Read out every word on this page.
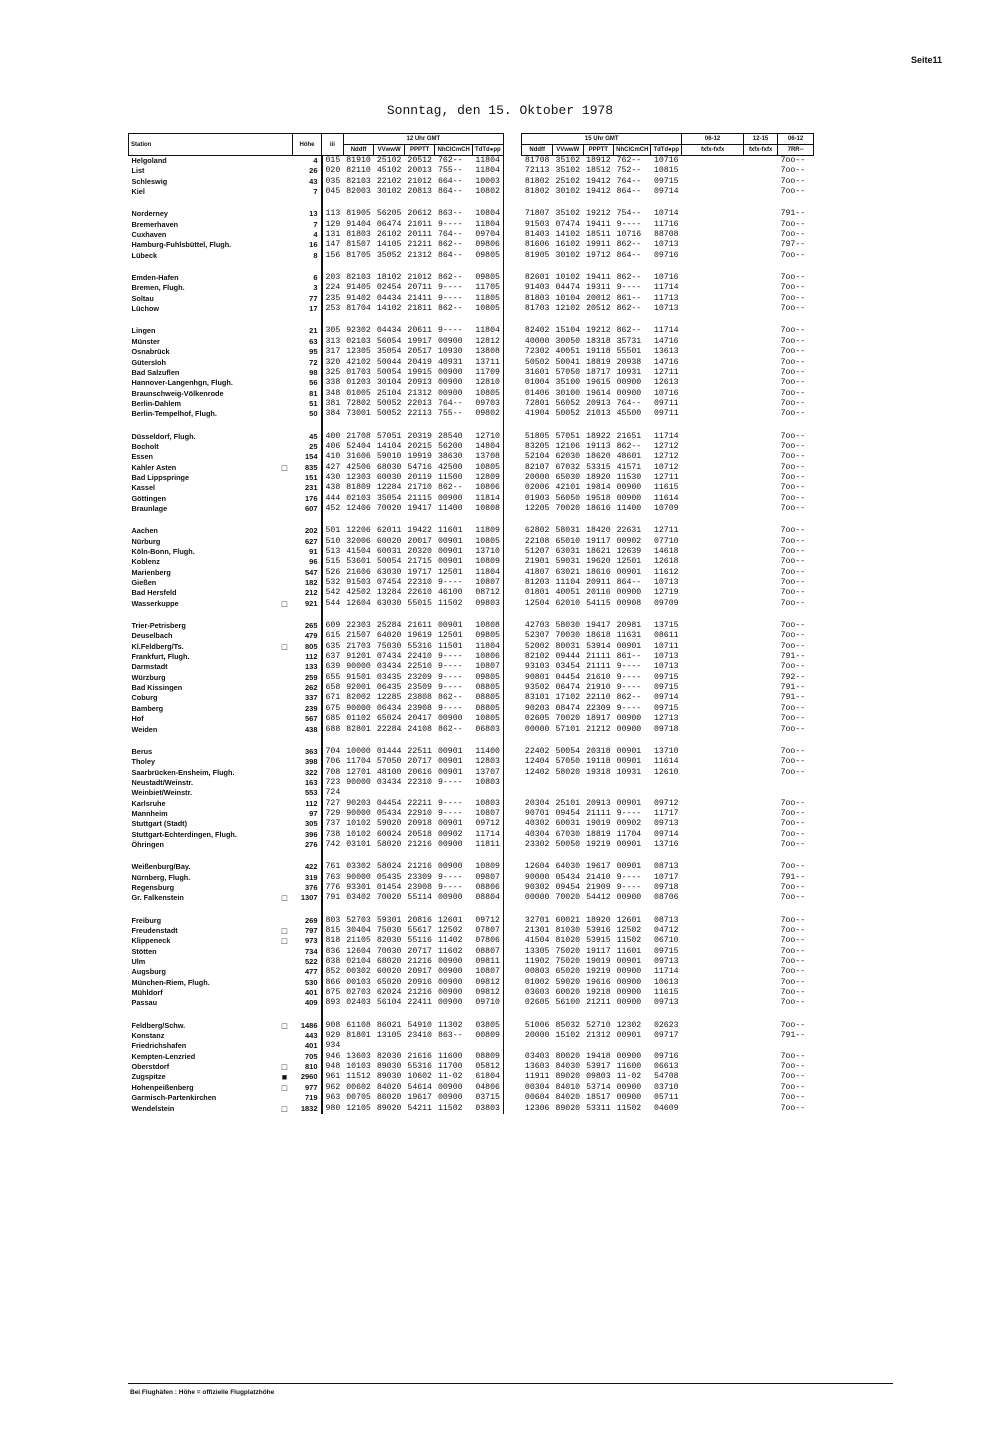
Seite11
Sonntag, den 15. Oktober 1978
Station		Höhe	iii	12 Uhr GMT						15 Uhr GMT					06-12	12-15	06-12
				Nddff	VVwwW	PPPTT	NhClCmCH	TdTd●pp		Nddff	VVwwW	PPPTT	NhClCmCH	TdTd●pp	fxfx-fxfx	fxfx-fxfx	7RR--
Helgoland		4	015	81910	25102	20512	762--	11804		81708	35102	18912	762--	10716			7oo--
List		26	020	82110	45102	20013	755--	11804		72113	35102	18512	752--	10815			7oo--
Schleswig		43	035	82103	22102	21012	664--	10003		81802	25102	19412	764--	09715			7oo--
Kiel		7	045	82003	30102	20813	864--	10802		81802	30102	19412	864--	09714			7oo--
Norderney		13	113	81905	56205	20612	863--	10804		71807	35102	19212	754--	10714			791--
Bremerhaven		7	129	91404	06474	21011	9----	11804		91503	07474	19411	9----	11716			7oo--
Cuxhaven		4	131	81803	26102	20111	764--	09704		81403	14102	18511	10716	88708			7oo--
Hamburg-Fuhlsbüttel, Flugh.		16	147	81507	14105	21211	862--	09806		81606	16102	19911	862--	10713			797--
Lübeck		8	156	81705	35052	21312	864--	09805		81905	30102	19712	864--	09716			7oo--
Emden-Hafen		6	203	82103	18102	21012	862--	09805		82601	10102	19411	862--	10716			7oo--
Bremen, Flugh.		3	224	91405	02454	20711	9----	11705		91403	04474	19311	9----	11714			7oo--
Soltau		77	235	91402	04434	21411	9----	11805		81803	10104	20012	861--	11713			7oo--
Lüchow		17	253	81704	14102	21811	862--	10805		81703	12102	20512	862--	10713			7oo--
Lingen		21	305	92302	04434	20611	9----	11804		82402	15104	19212	862--	11714			7oo--
Münster		63	313	02103	56054	19917	00900	12812		40000	30050	18318	35731	14716			7oo--
Osnabrück		95	317	12305	35054	20517	10930	13808		72302	40051	19118	55501	13613			7oo--
Gütersloh		72	320	42102	50044	20419	40931	13711		50502	50041	18819	20938	14716			7oo--
Bad Salzuflen		98	325	01703	50054	19915	00900	11709		31601	57050	18717	10931	12711			7oo--
Hannover-Langenhgn, Flugh.		56	338	01203	30104	20913	00900	12810		01004	35100	19615	00900	12613			7oo--
Braunschweig-Völkenrode		81	348	01005	25104	21312	00900	10805		01406	30100	19614	00900	10716			7oo--
Berlin-Dahlem		51	381	72802	50052	22013	764--	09703		72801	56052	20913	764--	09711			7oo--
Berlin-Tempelhof, Flugh.		50	384	73001	50052	22113	755--	09802		41904	50052	21013	45500	09711			7oo--
Düsseldorf, Flugh.		45	400	21708	57051	20319	28540	12710		51805	57051	18922	21651	11714			7oo--
Bocholt		25	406	52404	14104	20215	56200	14804		83205	12106	19113	862--	12712			7oo--
Essen		154	410	31606	59010	19919	38630	13708		52104	62030	18620	48601	12712			7oo--
Kahler Asten	□	835	427	42506	68030	54716	42500	10805		82107	67032	53315	41571	10712			7oo--
Bad Lippspringe		151	430	12303	60030	20119	11500	12809		20000	65030	18920	11530	12711			7oo--
Kassel		231	438	81809	12284	21710	862--	10806		02006	42101	19814	00900	11615			7oo--
Göttingen		176	444	02103	35054	21115	00900	11814		01903	56050	19518	00900	11614			7oo--
Braunlage		607	452	12406	70020	19417	11400	10808		12205	70020	18616	11400	10709			7oo--
Aachen		202	501	12206	62011	19422	11601	11809		62802	58031	18420	22631	12711			7oo--
Nürburg		627	510	32006	60020	20017	00901	10805		22108	65010	19117	00902	07710			7oo--
Köln-Bonn, Flugh.		91	513	41504	60031	20320	00901	13710		51207	63031	18621	12639	14618			7oo--
Koblenz		96	515	53601	50054	21715	00901	10809		21901	59031	19620	12501	12618			7oo--
Marienberg		547	526	21606	63030	19717	12501	11804		41807	63021	18616	00901	11612			7oo--
Gießen		182	532	91503	07454	22310	9----	10807		81203	11104	20911	864--	10713			7oo--
Bad Hersfeld		212	542	42502	13284	22610	46100	08712		01801	40051	20116	00900	12719			7oo--
Wasserkuppe	□	921	544	12604	63030	55015	11502	09803		12504	62010	54115	00908	09709			7oo--
Trier-Petrisberg		265	609	22303	25284	21611	00901	10808		42703	58030	19417	20981	13715			7oo--
Deuselbach		479	615	21507	64020	19619	12501	09805		52307	70030	18618	11631	08611			7oo--
Kl.Feldberg/Ts.	□	805	635	21703	75030	55316	11501	11804		52002	80031	53914	00901	10711			7oo--
Frankfurt, Flugh.		112	637	91201	07434	22410	9----	10806		82102	09444	21111	861--	10713			791--
Darmstadt		133	639	90000	03434	22510	9----	10807		93103	03454	21111	9----	10713			7oo--
Würzburg		259	655	91501	03435	23209	9----	09805		90801	04454	21610	9----	09715			792--
Bad Kissingen		262	658	92001	06435	23509	9----	08805		93502	06474	21910	9----	09715			791--
Coburg		337	671	82002	12285	23808	862--	08805		83101	17102	22110	862--	09714			791--
Bamberg		239	675	90000	06434	23908	9----	08805		90203	08474	22309	9----	09715			7oo--
Hof		567	685	01102	65024	20417	00900	10805		02605	70020	18917	00900	12713			7oo--
Weiden		438	688	82801	22284	24108	862--	06803		00000	57101	21212	00900	09718			7oo--
Berus		363	704	10000	01444	22511	00901	11400		22402	50054	20318	00901	13710			7oo--
Tholey		398	706	11704	57050	20717	00901	12803		12404	57050	19118	00901	11614			7oo--
Saarbrücken-Ensheim, Flugh.		322	708	12701	48100	20616	00901	13707		12402	58020	19318	10931	12610			7oo--
Neustadt/Weinstr.		163	723	90000	03434	22310	9----	10803									
Weinbiet/Weinstr.		553	724														
Karlsruhe		112	727	90203	04454	22211	9----	10803		20304	25101	20913	00901	09712			7oo--
Mannheim		97	729	90000	05434	22910	9----	10807		90701	09454	21111	9----	11717			7oo--
Stuttgart (Stadt)		305	737	10102	59020	20918	00901	09712		40302	60031	19019	00902	09713			7oo--
Stuttgart-Echterdingen, Flugh.		396	738	10102	60024	20518	00902	11714		40304	67030	18819	11704	09714			7oo--
Öhringen		276	742	03101	58020	21216	00900	11811		23302	50050	19219	00901	13716			7oo--
Weißenburg/Bay.		422	761	03302	58024	21216	00900	10809		12604	64030	19617	00901	08713			7oo--
Nürnberg, Flugh.		319	763	90000	05435	23309	9----	09807		90000	05434	21410	9----	10717			791--
Regensburg		376	776	93301	01454	23908	9----	08806		90302	09454	21909	9----	09718			7oo--
Gr. Falkenstein	□	1307	791	03402	70020	55114	00900	08804		00000	70020	54412	00900	08706			7oo--
Freiburg		269	803	52703	59301	20816	12601	09712		32701	60021	18920	12601	08713			7oo--
Freudenstadt	□	797	815	30404	75030	55617	12502	07807		21301	81030	53916	12502	04712			7oo--
Klippeneck	□	973	818	21105	82030	55116	11402	07806		41504	81020	53915	11502	06710			7oo--
Stötten		734	836	12604	70030	20717	11602	08807		13305	75020	19117	11601	09715			7oo--
Ulm		522	838	02104	68020	21216	00900	09811		11902	75020	19019	00901	09713			7oo--
Augsburg		477	852	00302	60020	20917	00900	10807		00803	65020	19219	00900	11714			7oo--
München-Riem, Flugh.		530	866	00103	65020	20916	00900	09812		01002	59020	19616	00900	10613			7oo--
Mühldorf		401	875	02703	62024	21216	00900	09812		03603	60020	19218	00900	11615			7oo--
Passau		409	893	02403	56104	22411	00900	09710		02605	56100	21211	00900	09713			7oo--
Feldberg/Schw.	□	1486	908	61108	86021	54910	11302	03805		51006	85032	52710	12302	02623			7oo--
Konstanz		443	929	81801	13105	23410	863--	00809		20000	15102	21312	00901	09717			791--
Friedrichshafen		401	934														
Kempten-Lenzried		705	946	13603	82030	21616	11600	08809		03403	80020	19418	00900	09716			7oo--
Oberstdorf	□	810	948	10103	89030	55316	11700	05812		13603	84030	53917	11600	06613			7oo--
Zugspitze	■	2960	961	11512	89030	10602	11-02	61804		11911	89020	09803	11-02	54708			7oo--
Hohenpeißenberg	□	977	962	00602	84020	54614	00900	04806		00304	84010	53714	00900	03710			7oo--
Garmisch-Partenkirchen		719	963	00705	86020	19617	00900	03715		00604	84020	18517	00900	05711			7oo--
Wendelstein	□	1832	980	12105	89020	54211	11502	03803		12306	89020	53311	11502	04609			7oo--
Bei Flughäfen : Höhe = offizielle Flugplatzhöhe
